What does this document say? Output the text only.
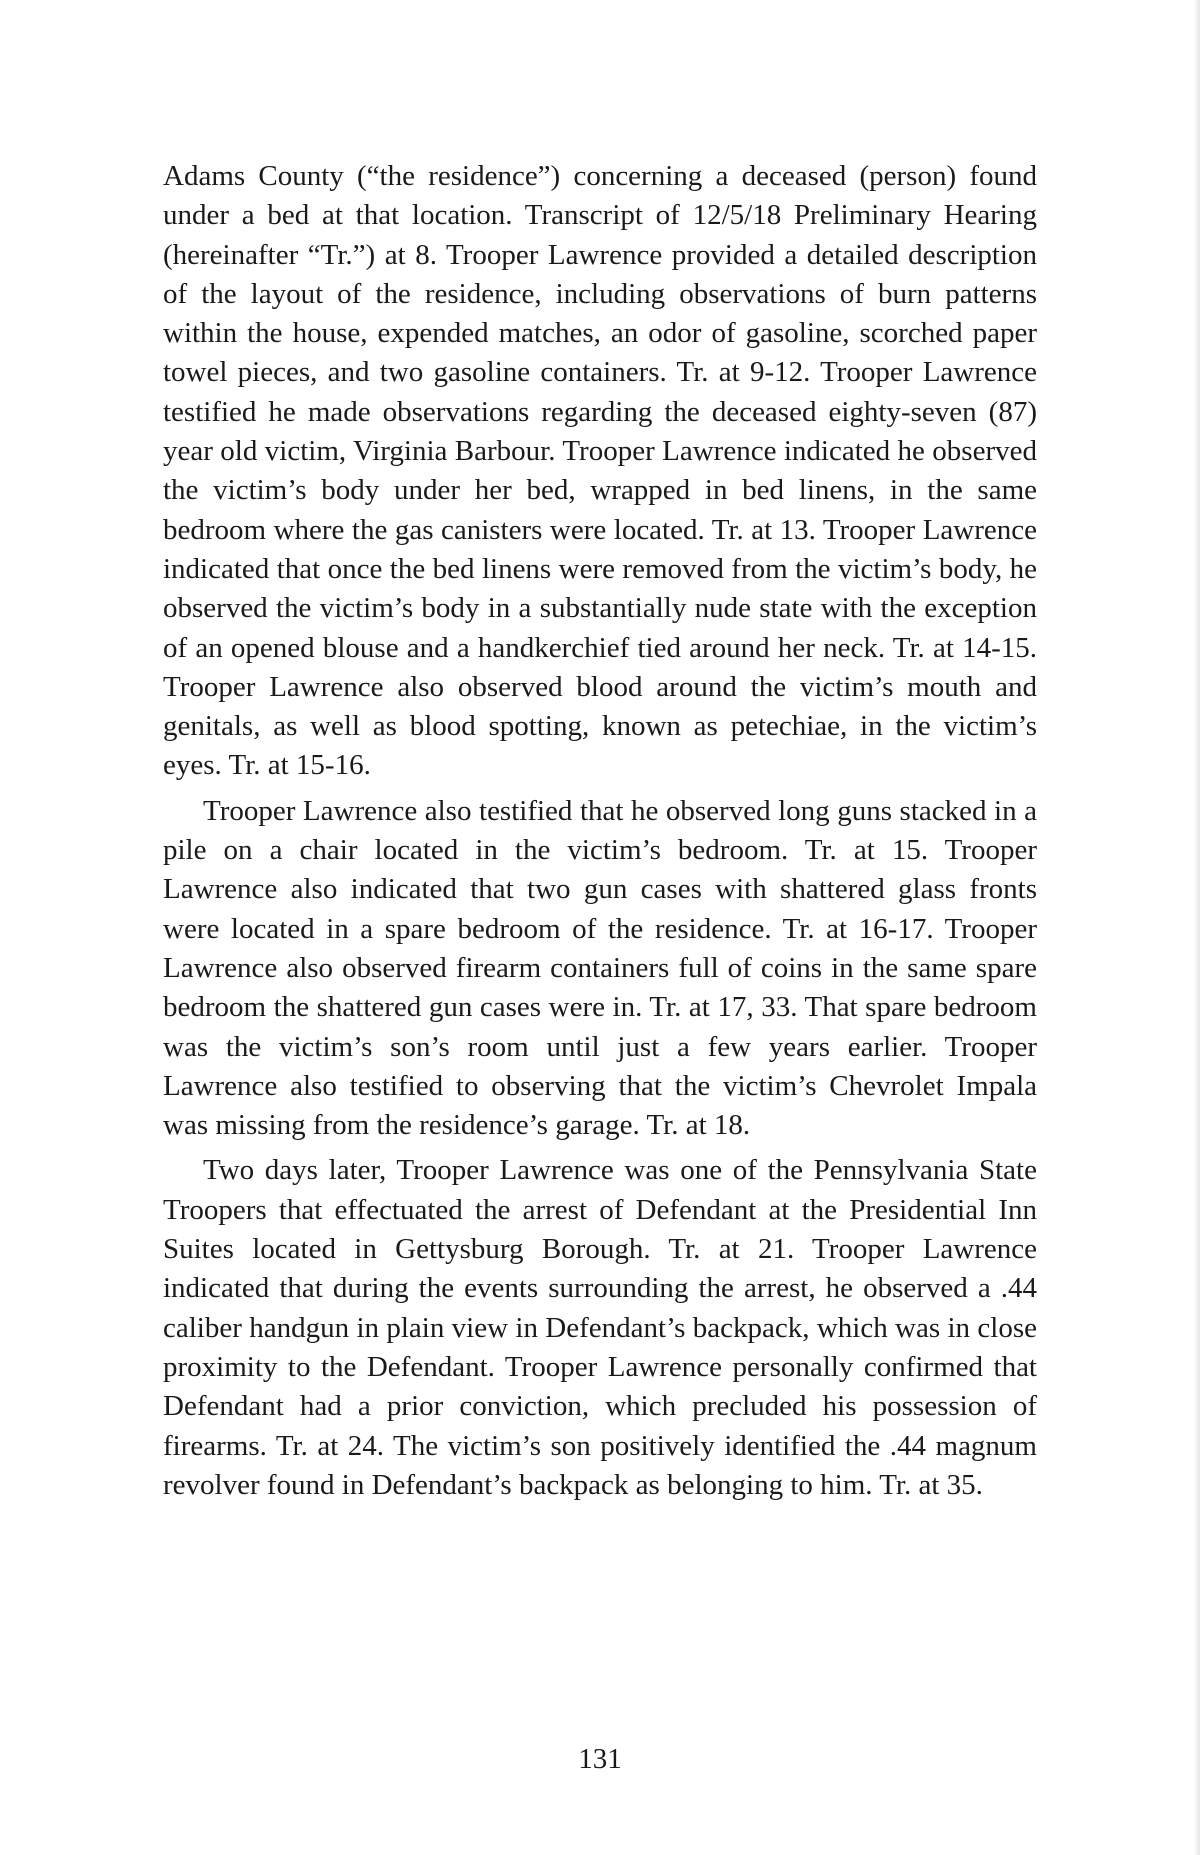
Adams County (“the residence”) concerning a deceased (person) found under a bed at that location. Transcript of 12/5/18 Preliminary Hearing (hereinafter “Tr.”) at 8. Trooper Lawrence provided a detailed description of the layout of the residence, including observations of burn patterns within the house, expended matches, an odor of gasoline, scorched paper towel pieces, and two gasoline containers. Tr. at 9-12. Trooper Lawrence testified he made observations regarding the deceased eighty-seven (87) year old victim, Virginia Barbour. Trooper Lawrence indicated he observed the victim’s body under her bed, wrapped in bed linens, in the same bedroom where the gas canisters were located. Tr. at 13. Trooper Lawrence indicated that once the bed linens were removed from the victim’s body, he observed the victim’s body in a substantially nude state with the exception of an opened blouse and a handkerchief tied around her neck. Tr. at 14-15. Trooper Lawrence also observed blood around the victim’s mouth and genitals, as well as blood spotting, known as petechiae, in the victim’s eyes. Tr. at 15-16.

Trooper Lawrence also testified that he observed long guns stacked in a pile on a chair located in the victim’s bedroom. Tr. at 15. Trooper Lawrence also indicated that two gun cases with shattered glass fronts were located in a spare bedroom of the residence. Tr. at 16-17. Trooper Lawrence also observed firearm containers full of coins in the same spare bedroom the shattered gun cases were in. Tr. at 17, 33. That spare bedroom was the victim’s son’s room until just a few years earlier. Trooper Lawrence also testified to observing that the victim’s Chevrolet Impala was missing from the residence’s garage. Tr. at 18.

Two days later, Trooper Lawrence was one of the Pennsylvania State Troopers that effectuated the arrest of Defendant at the Presidential Inn Suites located in Gettysburg Borough. Tr. at 21. Trooper Lawrence indicated that during the events surrounding the arrest, he observed a .44 caliber handgun in plain view in Defendant’s backpack, which was in close proximity to the Defendant. Trooper Lawrence personally confirmed that Defendant had a prior conviction, which precluded his possession of firearms. Tr. at 24. The victim’s son positively identified the .44 magnum revolver found in Defendant’s backpack as belonging to him. Tr. at 35.

131
